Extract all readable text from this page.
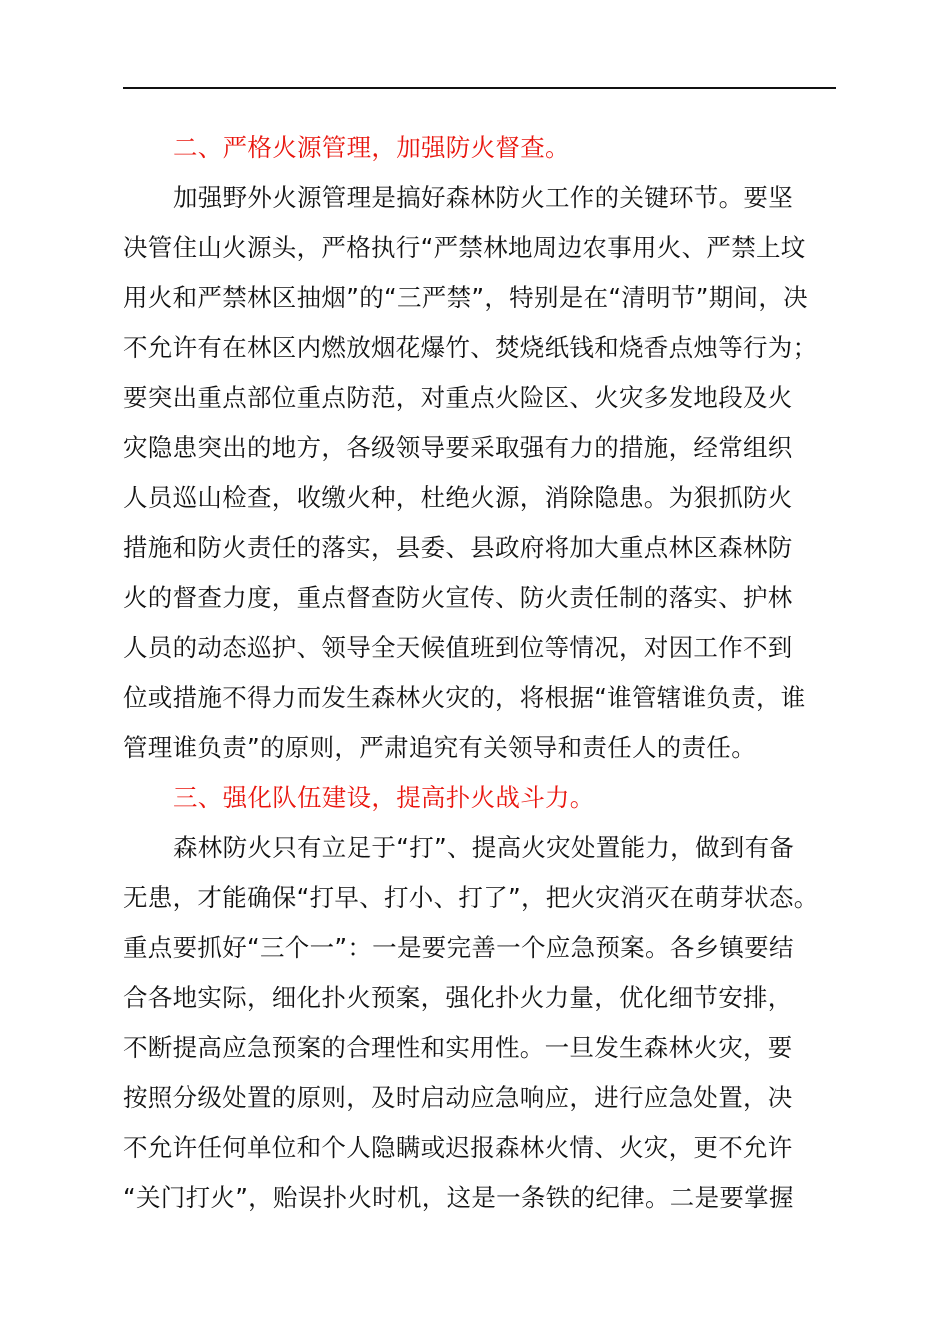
二、严格火源管理，加强防火督查。
加强野外火源管理是搞好森林防火工作的关键环节。要坚
决管住山火源头，严格执行“严禁林地周边农事用火、严禁上坟
用火和严禁林区抽烟”的“三严禁”，特别是在“清明节”期间，决
不允许有在林区内燃放烟花爆竹、焚烧纸钱和烧香点烛等行为；
要突出重点部位重点防范，对重点火险区、火灾多发地段及火
灾隐患突出的地方，各级领导要采取强有力的措施，经常组织
人员巡山检查，收缴火种，杜绝火源，消除隐患。为狠抓防火
措施和防火责任的落实，县委、县政府将加大重点林区森林防
火的督查力度，重点督查防火宣传、防火责任制的落实、护林
人员的动态巡护、领导全天候值班到位等情况，对因工作不到
位或措施不得力而发生森林火灾的，将根据“谁管辖谁负责，谁
管理谁负责”的原则，严肃追究有关领导和责任人的责任。
三、强化队伍建设，提高扑火战斗力。
森林防火只有立足于“打”、提高火灾处置能力，做到有备
无患，才能确保“打早、打小、打了”，把火灾消灭在萌芽状态。
重点要抓好“三个一”：一是要完善一个应急预案。各乡镇要结
合各地实际，细化扑火预案，强化扑火力量，优化细节安排，
不断提高应急预案的合理性和实用性。一旦发生森林火灾，要
按照分级处置的原则，及时启动应急响应，进行应急处置，决
不允许任何单位和个人隐瞒或迟报森林火情、火灾，更不允许
“关门打火”，贻误扑火时机，这是一条铁的纪律。二是要掌握
